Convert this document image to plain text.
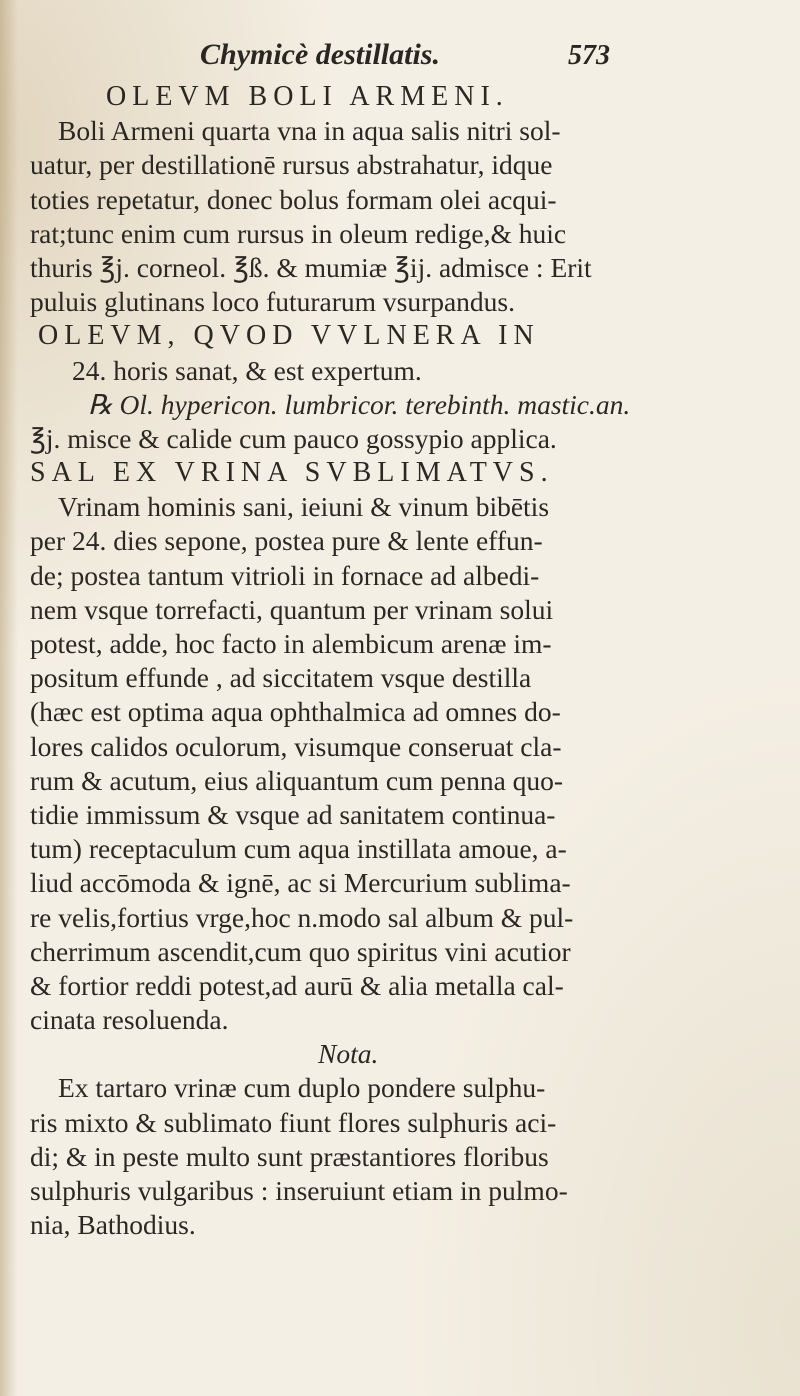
Chymicè destillatis.	573
OLEVM BOLI ARMENI.
Boli Armeni quarta vna in aqua salis nitri sol-
uatur, per destillationē rursus abstrahatur, idque
toties repetatur, donec bolus formam olei acqui-
rat;tunc enim cum rursus in oleum redige,& huic
thuris ℥j. corneol. ℥ß. & mumiæ ℥ij. admisce : Erit
puluis glutinans loco futurarum vsurpandus.
OLEVM, QVOD VVLNERA IN
24. horis sanat, & est expertum.
℞ Ol. hypericon. lumbricor. terebinth. mastic.an.
℥j. misce & calide cum pauco gossypio applica.
SAL EX VRINA SVBLIMATVS.
Vrinam hominis sani, ieiuni & vinum bibētis
per 24. dies sepone, postea pure & lente effun-
de; postea tantum vitrioli in fornace ad albedi-
nem vsque torrefacti, quantum per vrinam solui
potest, adde, hoc facto in alembicum arenæ im-
positum effunde , ad siccitatem vsque destilla
(hæc est optima aqua ophthalmica ad omnes do-
lores calidos oculorum, visumque conseruat cla-
rum & acutum, eius aliquantum cum penna quo-
tidie immissum & vsque ad sanitatem continua-
tum) receptaculum cum aqua instillata amoue, a-
liud accōmoda & ignē, ac si Mercurium sublima-
re velis,fortius vrge,hoc n.modo sal album & pul-
cherrimum ascendit,cum quo spiritus vini acutior
& fortior reddi potest,ad aurū & alia metalla cal-
cinata resoluenda.
Nota.
Ex tartaro vrinæ cum duplo pondere sulphu-
ris mixto & sublimato fiunt flores sulphuris aci-
di; & in peste multo sunt præstantiores floribus
sulphuris vulgaribus : inseruiunt etiam in pulmo-
nia, Bathodius.
